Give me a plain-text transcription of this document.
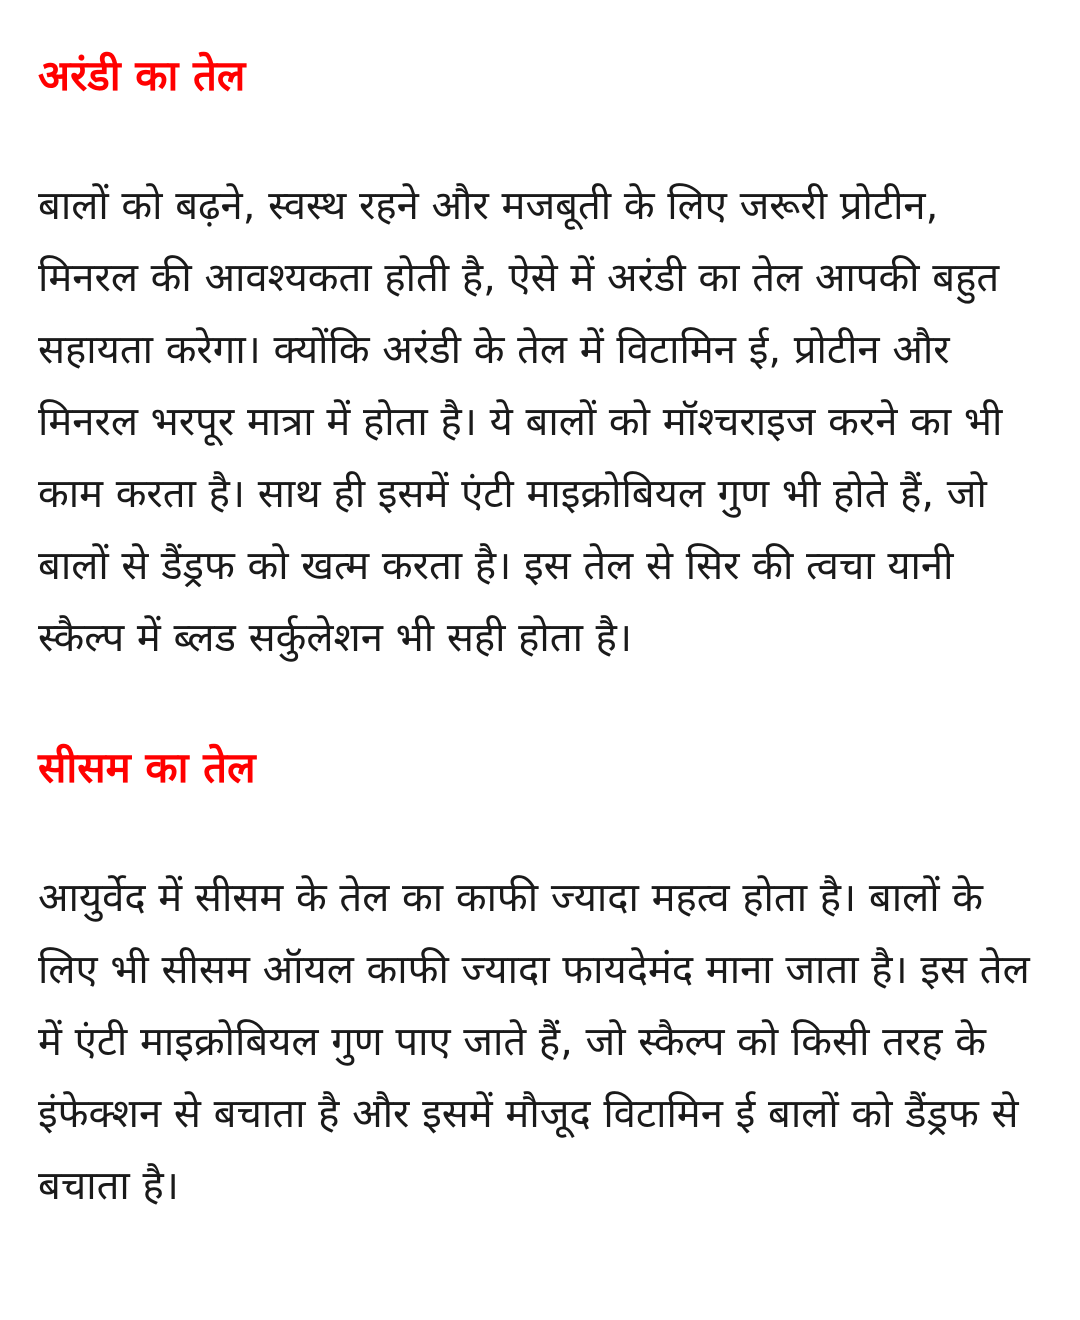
अरंडी का तेल

बालों को बढ़ने, स्वस्थ रहने और मजबूती के लिए जरूरी प्रोटीन, मिनरल की आवश्यकता होती है, ऐसे में अरंडी का तेल आपकी बहुत सहायता करेगा। क्योंकि अरंडी के तेल में विटामिन ई, प्रोटीन और मिनरल भरपूर मात्रा में होता है। ये बालों को मॉश्चराइज करने का भी काम करता है। साथ ही इसमें एंटी माइक्रोबियल गुण भी होते हैं, जो बालों से डैंड्रफ को खत्म करता है। इस तेल से सिर की त्वचा यानी स्कैल्प में ब्लड सर्कुलेशन भी सही होता है।

सीसम का तेल

आयुर्वेद में सीसम के तेल का काफी ज्यादा महत्व होता है। बालों के लिए भी सीसम ऑयल काफी ज्यादा फायदेमंद माना जाता है। इस तेल में एंटी माइक्रोबियल गुण पाए जाते हैं, जो स्कैल्प को किसी तरह के इंफेक्शन से बचाता है और इसमें मौजूद विटामिन ई बालों को डैंड्रफ से बचाता है।
